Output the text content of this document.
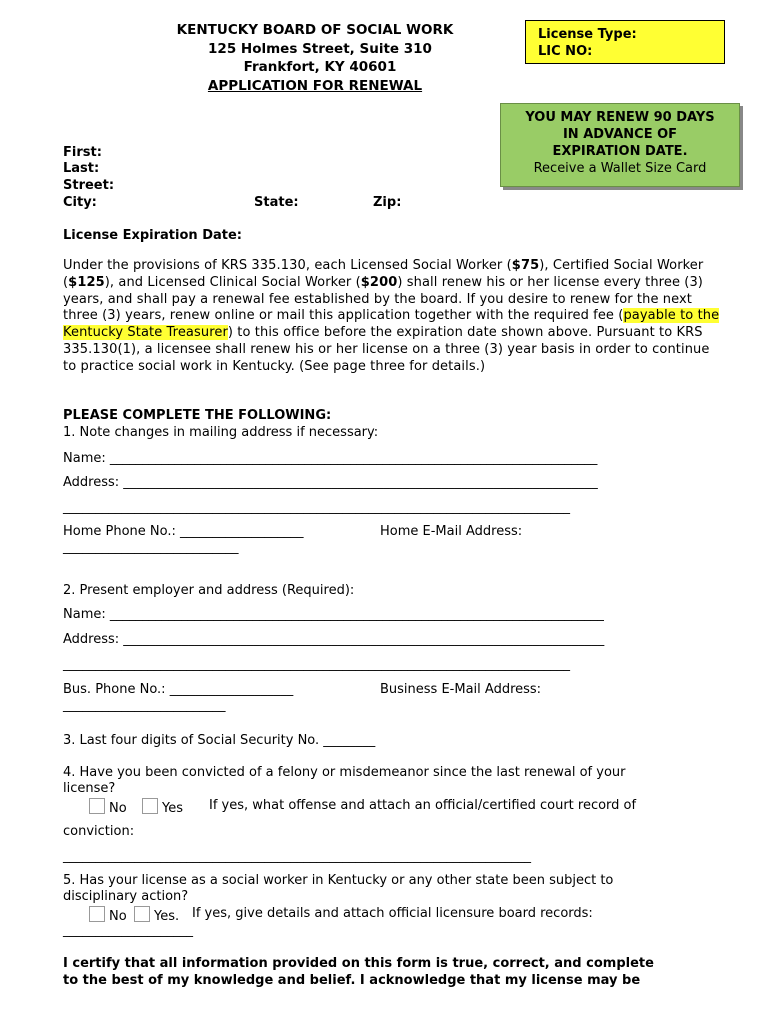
KENTUCKY BOARD OF SOCIAL WORK
125 Holmes Street, Suite 310
Frankfort, KY 40601
APPLICATION FOR RENEWAL
License Type:
LIC NO:
YOU MAY RENEW 90 DAYS
IN ADVANCE OF
EXPIRATION DATE.
Receive a Wallet Size Card
First:
Last:
Street:
City:	State:	Zip:
License Expiration Date:
Under the provisions of KRS 335.130, each Licensed Social Worker ($75), Certified Social Worker ($125), and Licensed Clinical Social Worker ($200) shall renew his or her license every three (3) years, and shall pay a renewal fee established by the board. If you desire to renew for the next three (3) years, renew online or mail this application together with the required fee (payable to the Kentucky State Treasurer) to this office before the expiration date shown above. Pursuant to KRS 335.130(1), a licensee shall renew his or her license on a three (3) year basis in order to continue to practice social work in Kentucky. (See page three for details.)
PLEASE COMPLETE THE FOLLOWING:
1. Note changes in mailing address if necessary:
Name: ___________________________________________________________________________
Address: _________________________________________________________________________
______________________________________________________________________________
Home Phone No.: ___________________	Home E-Mail Address:
___________________________
2. Present employer and address (Required):
Name: ____________________________________________________________________________
Address: __________________________________________________________________________
______________________________________________________________________________
Bus. Phone No.: ___________________	Business E-Mail Address:
_________________________
3. Last four digits of Social Security No. ________
4. Have you been convicted of a felony or misdemeanor since the last renewal of your
license?
No	Yes If yes, what offense and attach an official/certified court record of
conviction:
________________________________________________________________________
5. Has your license as a social worker in Kentucky or any other state been subject to
disciplinary action?
No	Yes. If yes, give details and attach official licensure board records:
____________________
I certify that all information provided on this form is true, correct, and complete
to the best of my knowledge and belief. I acknowledge that my license may be
